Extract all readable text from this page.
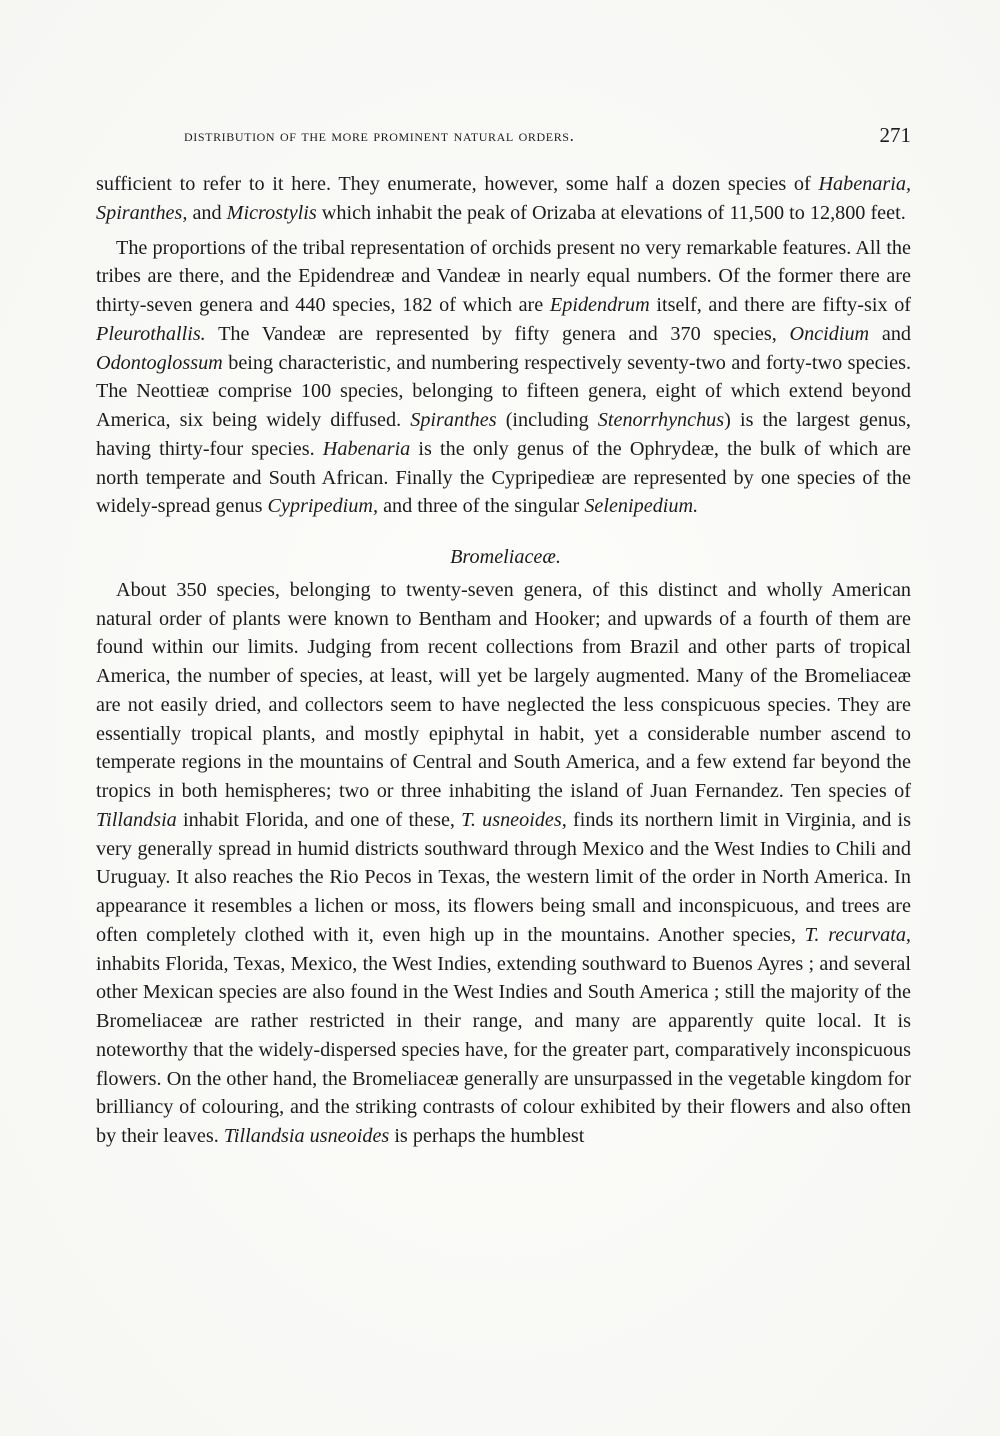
distribution of the more prominent natural orders.	271

sufficient to refer to it here. They enumerate, however, some half a dozen species of Habenaria, Spiranthes, and Microstylis which inhabit the peak of Orizaba at elevations of 11,500 to 12,800 feet.

The proportions of the tribal representation of orchids present no very remarkable features. All the tribes are there, and the Epidendreæ and Vandeæ in nearly equal numbers. Of the former there are thirty-seven genera and 440 species, 182 of which are Epidendrum itself, and there are fifty-six of Pleurothallis. The Vandeæ are represented by fifty genera and 370 species, Oncidium and Odontoglossum being characteristic, and numbering respectively seventy-two and forty-two species. The Neottieæ comprise 100 species, belonging to fifteen genera, eight of which extend beyond America, six being widely diffused. Spiranthes (including Stenorrhynchus) is the largest genus, having thirty-four species. Habenaria is the only genus of the Ophrydeæ, the bulk of which are north temperate and South African. Finally the Cypripedieæ are represented by one species of the widely-spread genus Cypripedium, and three of the singular Selenipedium.

Bromeliaceæ.

About 350 species, belonging to twenty-seven genera, of this distinct and wholly American natural order of plants were known to Bentham and Hooker; and upwards of a fourth of them are found within our limits. Judging from recent collections from Brazil and other parts of tropical America, the number of species, at least, will yet be largely augmented. Many of the Bromeliaceæ are not easily dried, and collectors seem to have neglected the less conspicuous species. They are essentially tropical plants, and mostly epiphytal in habit, yet a considerable number ascend to temperate regions in the mountains of Central and South America, and a few extend far beyond the tropics in both hemispheres; two or three inhabiting the island of Juan Fernandez. Ten species of Tillandsia inhabit Florida, and one of these, T. usneoides, finds its northern limit in Virginia, and is very generally spread in humid districts southward through Mexico and the West Indies to Chili and Uruguay. It also reaches the Rio Pecos in Texas, the western limit of the order in North America. In appearance it resembles a lichen or moss, its flowers being small and inconspicuous, and trees are often completely clothed with it, even high up in the mountains. Another species, T. recurvata, inhabits Florida, Texas, Mexico, the West Indies, extending southward to Buenos Ayres ; and several other Mexican species are also found in the West Indies and South America ; still the majority of the Bromeliaceæ are rather restricted in their range, and many are apparently quite local. It is noteworthy that the widely-dispersed species have, for the greater part, comparatively inconspicuous flowers. On the other hand, the Bromeliaceæ generally are unsurpassed in the vegetable kingdom for brilliancy of colouring, and the striking contrasts of colour exhibited by their flowers and also often by their leaves. Tillandsia usneoides is perhaps the humblest
